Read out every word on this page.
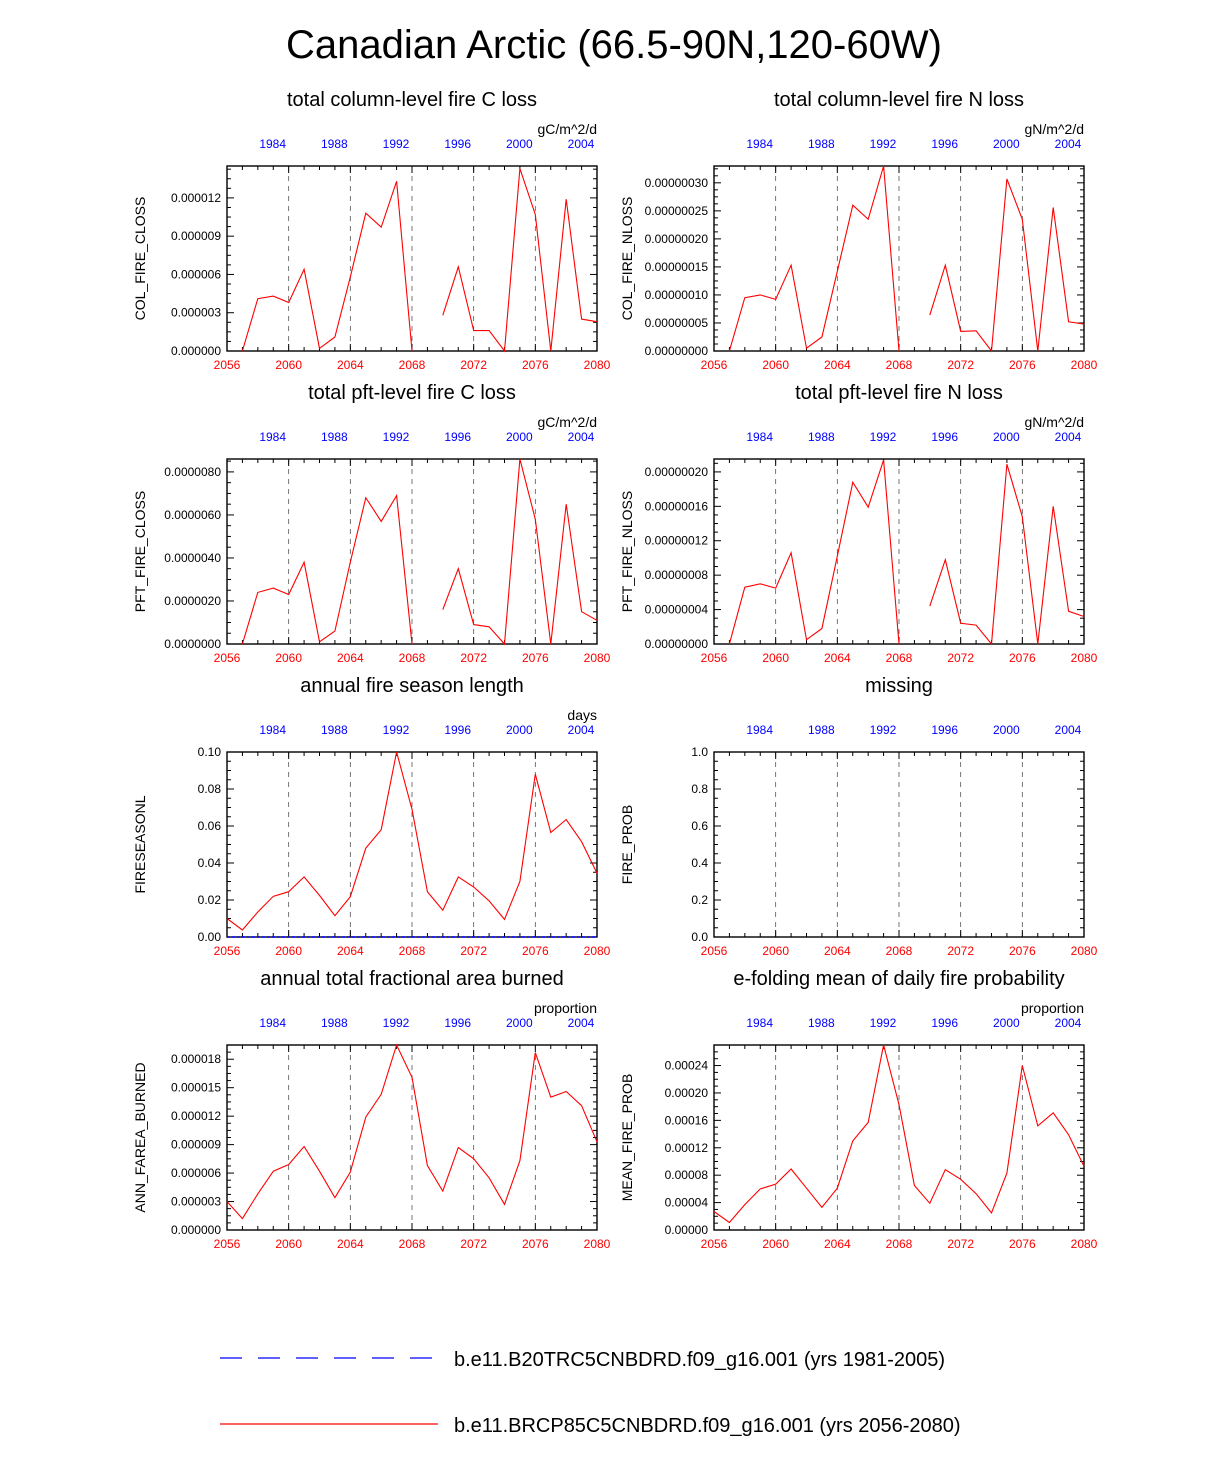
Canadian Arctic (66.5-90N,120-60W)
total column-level fire C loss
gC/m^2/d
2056	2060	2064	2068	2072	2076	2080
1984	1988	1992	1996	2000	2004
0.000000
0.000003
0.000006
0.000009
0.000012
COL_FIRE_CLOSS
total column-level fire N loss
gN/m^2/d
2056	2060	2064	2068	2072	2076	2080
1984	1988	1992	1996	2000	2004
0.00000000
0.00000005
0.00000010
0.00000015
0.00000020
0.00000025
0.00000030
COL_FIRE_NLOSS
total pft-level fire C loss
gC/m^2/d
2056	2060	2064	2068	2072	2076	2080
1984	1988	1992	1996	2000	2004
0.0000000
0.0000020
0.0000040
0.0000060
0.0000080
PFT_FIRE_CLOSS
total pft-level fire N loss
gN/m^2/d
2056	2060	2064	2068	2072	2076	2080
1984	1988	1992	1996	2000	2004
0.00000000
0.00000004
0.00000008
0.00000012
0.00000016
0.00000020
PFT_FIRE_NLOSS
annual fire season length
days
2056	2060	2064	2068	2072	2076	2080
1984	1988	1992	1996	2000	2004
0.00
0.02
0.04
0.06
0.08
0.10
FIRESEASONL
missing
2056	2060	2064	2068	2072	2076	2080
1984	1988	1992	1996	2000	2004
0.0
0.2
0.4
0.6
0.8
1.0
FIRE_PROB
annual total fractional area burned
proportion
2056	2060	2064	2068	2072	2076	2080
1984	1988	1992	1996	2000	2004
0.000000
0.000003
0.000006
0.000009
0.000012
0.000015
0.000018
ANN_FAREA_BURNED
e-folding mean of daily fire probability
proportion
2056	2060	2064	2068	2072	2076	2080
1984	1988	1992	1996	2000	2004
0.00000
0.00004
0.00008
0.00012
0.00016
0.00020
0.00024
MEAN_FIRE_PROB
b.e11.B20TRC5CNBDRD.f09_g16.001 (yrs 1981-2005)
b.e11.BRCP85C5CNBDRD.f09_g16.001 (yrs 2056-2080)
